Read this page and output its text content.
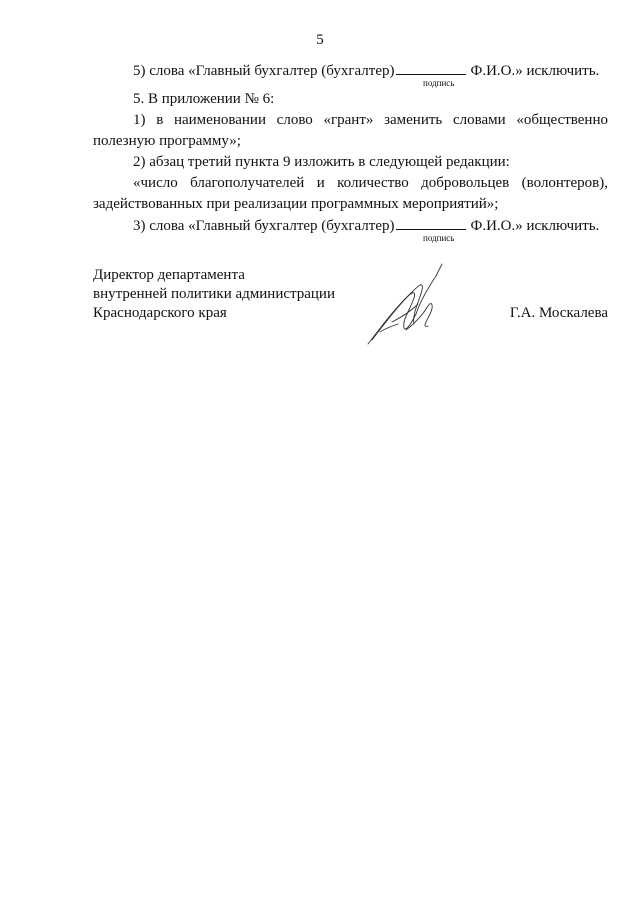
5

5) слова «Главный бухгалтер (бухгалтер)	Ф.И.О.» исключить.

подпись

5. В приложении № 6:

1) в наименовании слово «грант» заменить словами «общественно

полезную программу»;

2) абзац третий пункта 9 изложить в следующей редакции:

«число благополучателей и количество добровольцев (волонтеров),

задействованных при реализации программных мероприятий»;

3) слова «Главный бухгалтер (бухгалтер)	Ф.И.О.» исключить.

подпись
Директор департамента
внутренней политики администрации
Краснодарского края	Г.А. Москалева
